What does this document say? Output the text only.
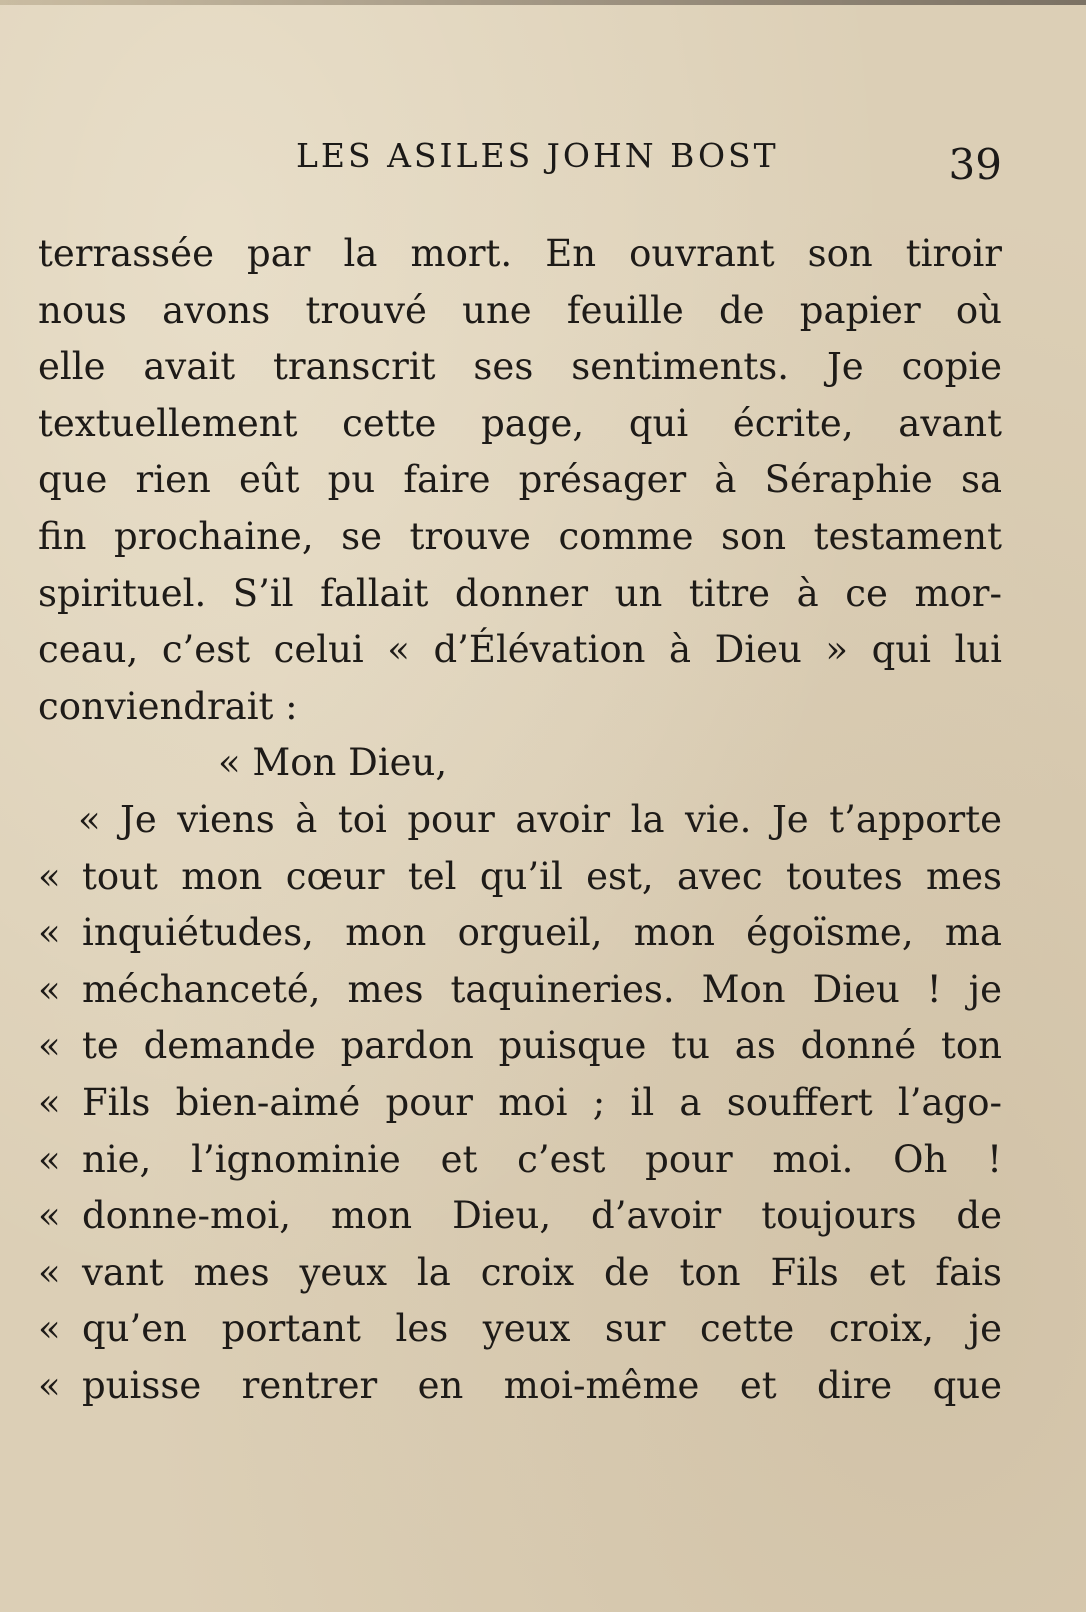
LES ASILES JOHN BOST	39
terrassée par la mort. En ouvrant son tiroir
nous avons trouvé une feuille de papier où
elle avait transcrit ses sentiments. Je copie
textuellement cette page, qui écrite, avant
que rien eût pu faire présager à Séraphie sa
fin prochaine, se trouve comme son testament
spirituel. S’il fallait donner un titre à ce mor-
ceau, c’est celui « d’Élévation à Dieu » qui lui
conviendrait :
« Mon Dieu,
« Je viens à toi pour avoir la vie. Je t’apporte
« tout mon cœur tel qu’il est, avec toutes mes
« inquiétudes, mon orgueil, mon égoïsme, ma
« méchanceté, mes taquineries. Mon Dieu ! je
« te demande pardon puisque tu as donné ton
« Fils bien-aimé pour moi ; il a souffert l’ago-
« nie, l’ignominie et c’est pour moi. Oh !
« donne-moi, mon Dieu, d’avoir toujours de
« vant mes yeux la croix de ton Fils et fais
« qu’en portant les yeux sur cette croix, je
« puisse rentrer en moi-même et dire que
